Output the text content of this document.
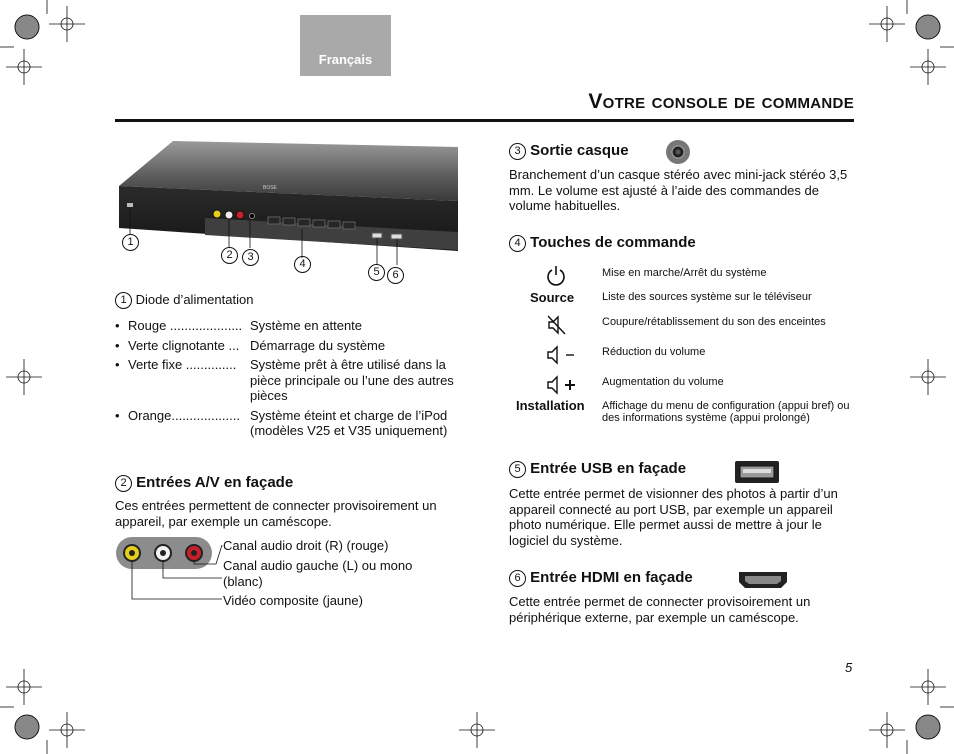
Français
Votre console de commande
BOSE
1
2	3
4
5	6
1 Diode d’alimentation
• Rouge .................... Système en attente
• Verte clignotante ... Démarrage du système
• Verte fixe .............. Système prêt à être utilisé dans la pièce principale ou l’une des autres pièces
• Orange................... Système éteint et charge de l’iPod (modèles V25 et V35 uniquement)
2 Entrées A/V en façade
Ces entrées permettent de connecter provisoirement un appareil, par exemple un caméscope.
Canal audio droit (R) (rouge)
Canal audio gauche (L) ou mono (blanc)
Vidéo composite (jaune)
3 Sortie casque
Branchement d’un casque stéréo avec mini-jack stéréo 3,5 mm. Le volume est ajusté à l’aide des commandes de volume habituelles.
4 Touches de commande
Mise en marche/Arrêt du système
Source	Liste des sources système sur le téléviseur
Coupure/rétablissement du son des enceintes
Réduction du volume
Augmentation du volume
Installation Affichage du menu de configuration (appui bref) ou des informations système (appui prolongé)
5 Entrée USB en façade
Cette entrée permet de visionner des photos à partir d’un appareil connecté au port USB, par exemple un appareil photo numérique. Elle permet aussi de mettre à jour le logiciel du système.
6 Entrée HDMI en façade
Cette entrée permet de connecter provisoirement un périphérique externe, par exemple un caméscope.
5
